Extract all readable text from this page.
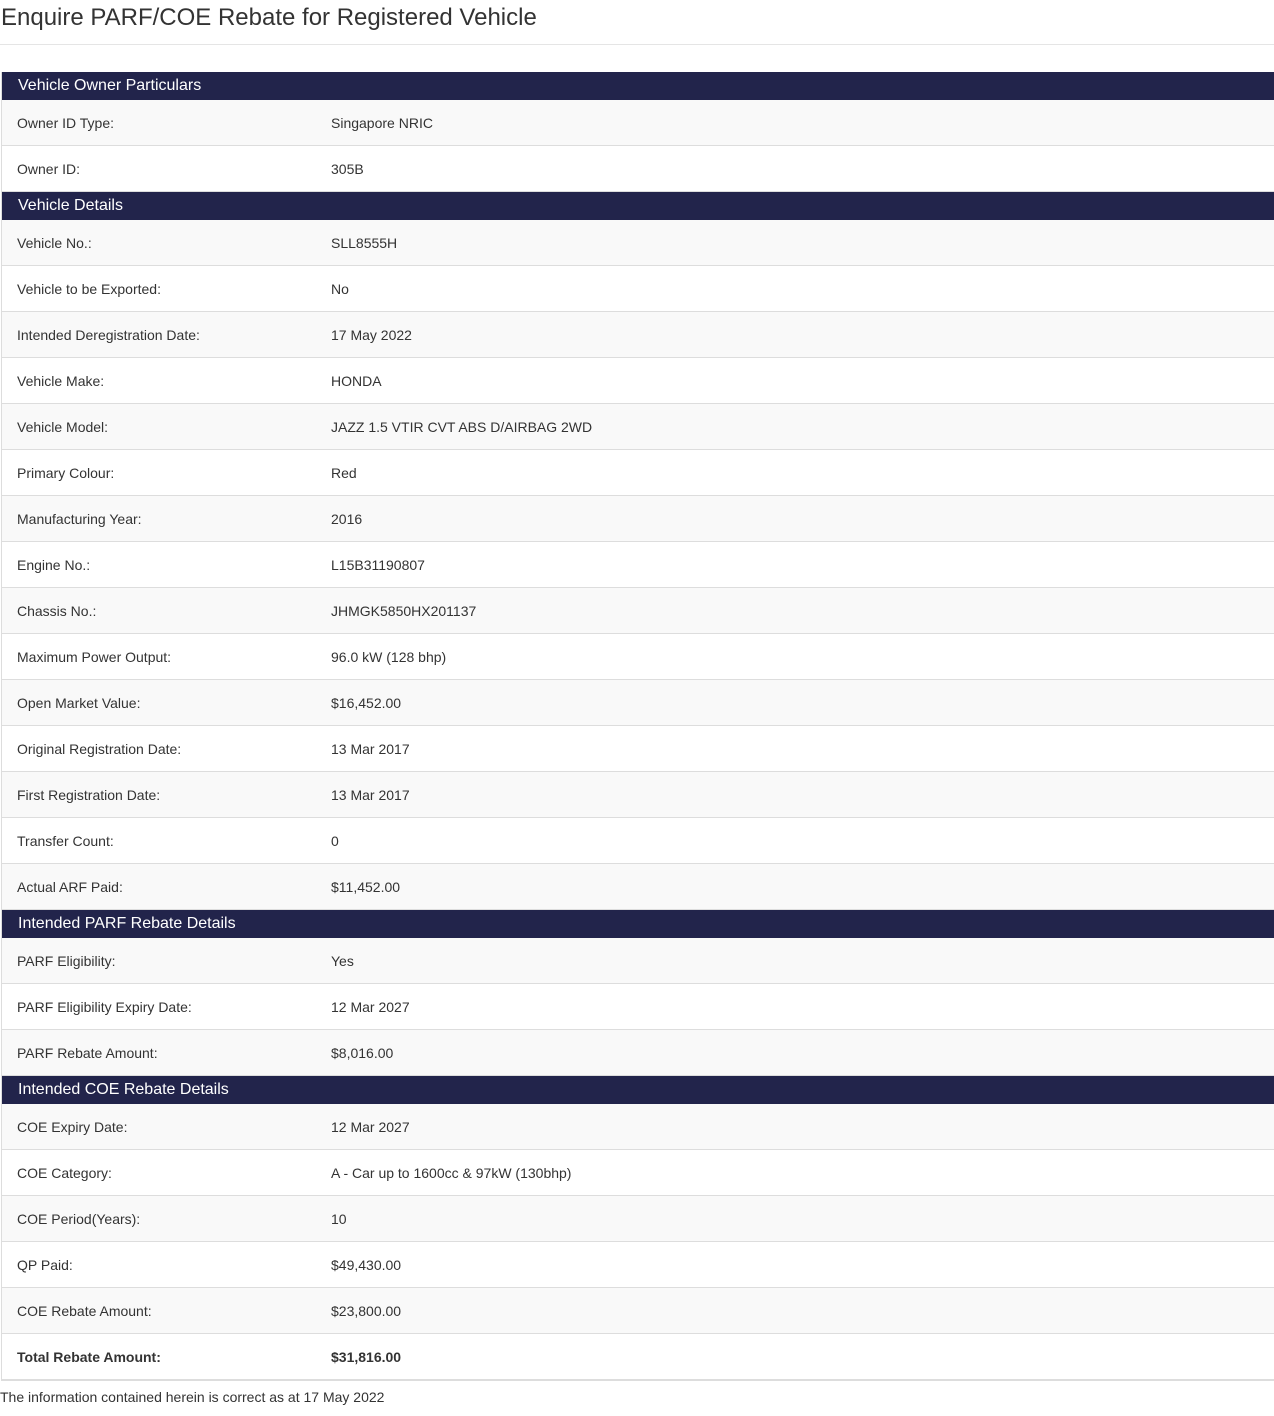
Enquire PARF/COE Rebate for Registered Vehicle
Vehicle Owner Particulars
Owner ID Type:	Singapore NRIC
Owner ID:	305B
Vehicle Details
Vehicle No.:	SLL8555H
Vehicle to be Exported:	No
Intended Deregistration Date:	17 May 2022
Vehicle Make:	HONDA
Vehicle Model:	JAZZ 1.5 VTIR CVT ABS D/AIRBAG 2WD
Primary Colour:	Red
Manufacturing Year:	2016
Engine No.:	L15B31190807
Chassis No.:	JHMGK5850HX201137
Maximum Power Output:	96.0 kW (128 bhp)
Open Market Value:	$16,452.00
Original Registration Date:	13 Mar 2017
First Registration Date:	13 Mar 2017
Transfer Count:	0
Actual ARF Paid:	$11,452.00
Intended PARF Rebate Details
PARF Eligibility:	Yes
PARF Eligibility Expiry Date:	12 Mar 2027
PARF Rebate Amount:	$8,016.00
Intended COE Rebate Details
COE Expiry Date:	12 Mar 2027
COE Category:	A - Car up to 1600cc & 97kW (130bhp)
COE Period(Years):	10
QP Paid:	$49,430.00
COE Rebate Amount:	$23,800.00
Total Rebate Amount:	$31,816.00
The information contained herein is correct as at 17 May 2022
